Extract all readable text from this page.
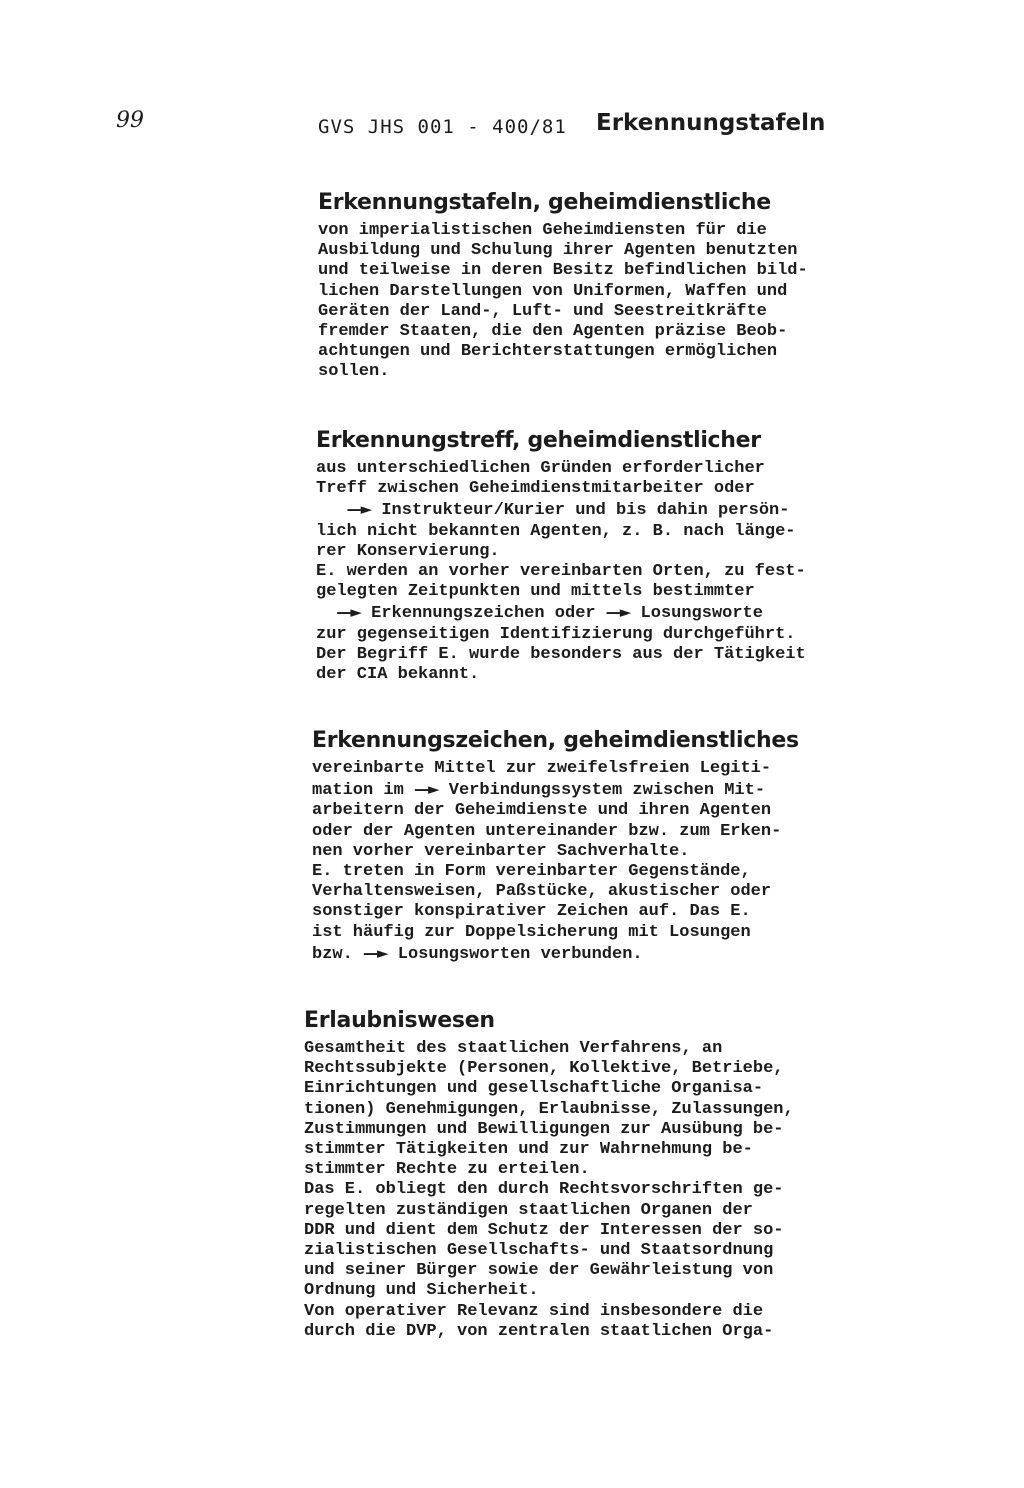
99	GVS JHS 001 - 400/81 Erkennungstafeln
Erkennungstafeln, geheimdienstliche
von imperialistischen Geheimdiensten für die
Ausbildung und Schulung ihrer Agenten benutzten
und teilweise in deren Besitz befindlichen bild-
lichen Darstellungen von Uniformen, Waffen und
Geräten der Land-, Luft- und Seestreitkräfte
fremder Staaten, die den Agenten präzise Beob-
achtungen und Berichterstattungen ermöglichen
sollen.
Erkennungstreff, geheimdienstlicher
aus unterschiedlichen Gründen erforderlicher
Treff zwischen Geheimdienstmitarbeiter oder
—► Instrukteur/Kurier und bis dahin persön-
lich nicht bekannten Agenten, z. B. nach länge-
rer Konservierung.
E. werden an vorher vereinbarten Orten, zu fest-
gelegten Zeitpunkten und mittels bestimmter
—► Erkennungszeichen oder —► Losungsworte
zur gegenseitigen Identifizierung durchgeführt.
Der Begriff E. wurde besonders aus der Tätigkeit
der CIA bekannt.
Erkennungszeichen, geheimdienstliches
vereinbarte Mittel zur zweifelsfreien Legiti-
mation im —► Verbindungssystem zwischen Mit-
arbeitern der Geheimdienste und ihren Agenten
oder der Agenten untereinander bzw. zum Erken-
nen vorher vereinbarter Sachverhalte.
E. treten in Form vereinbarter Gegenstände,
Verhaltensweisen, Paßstücke, akustischer oder
sonstiger konspirativer Zeichen auf. Das E.
ist häufig zur Doppelsicherung mit Losungen
bzw. —► Losungsworten verbunden.
Erlaubniswesen
Gesamtheit des staatlichen Verfahrens, an
Rechtssubjekte (Personen, Kollektive, Betriebe,
Einrichtungen und gesellschaftliche Organisa-
tionen) Genehmigungen, Erlaubnisse, Zulassungen,
Zustimmungen und Bewilligungen zur Ausübung be-
stimmter Tätigkeiten und zur Wahrnehmung be-
stimmter Rechte zu erteilen.
Das E. obliegt den durch Rechtsvorschriften ge-
regelten zuständigen staatlichen Organen der
DDR und dient dem Schutz der Interessen der so-
zialistischen Gesellschafts- und Staatsordnung
und seiner Bürger sowie der Gewährleistung von
Ordnung und Sicherheit.
Von operativer Relevanz sind insbesondere die
durch die DVP, von zentralen staatlichen Orga-
